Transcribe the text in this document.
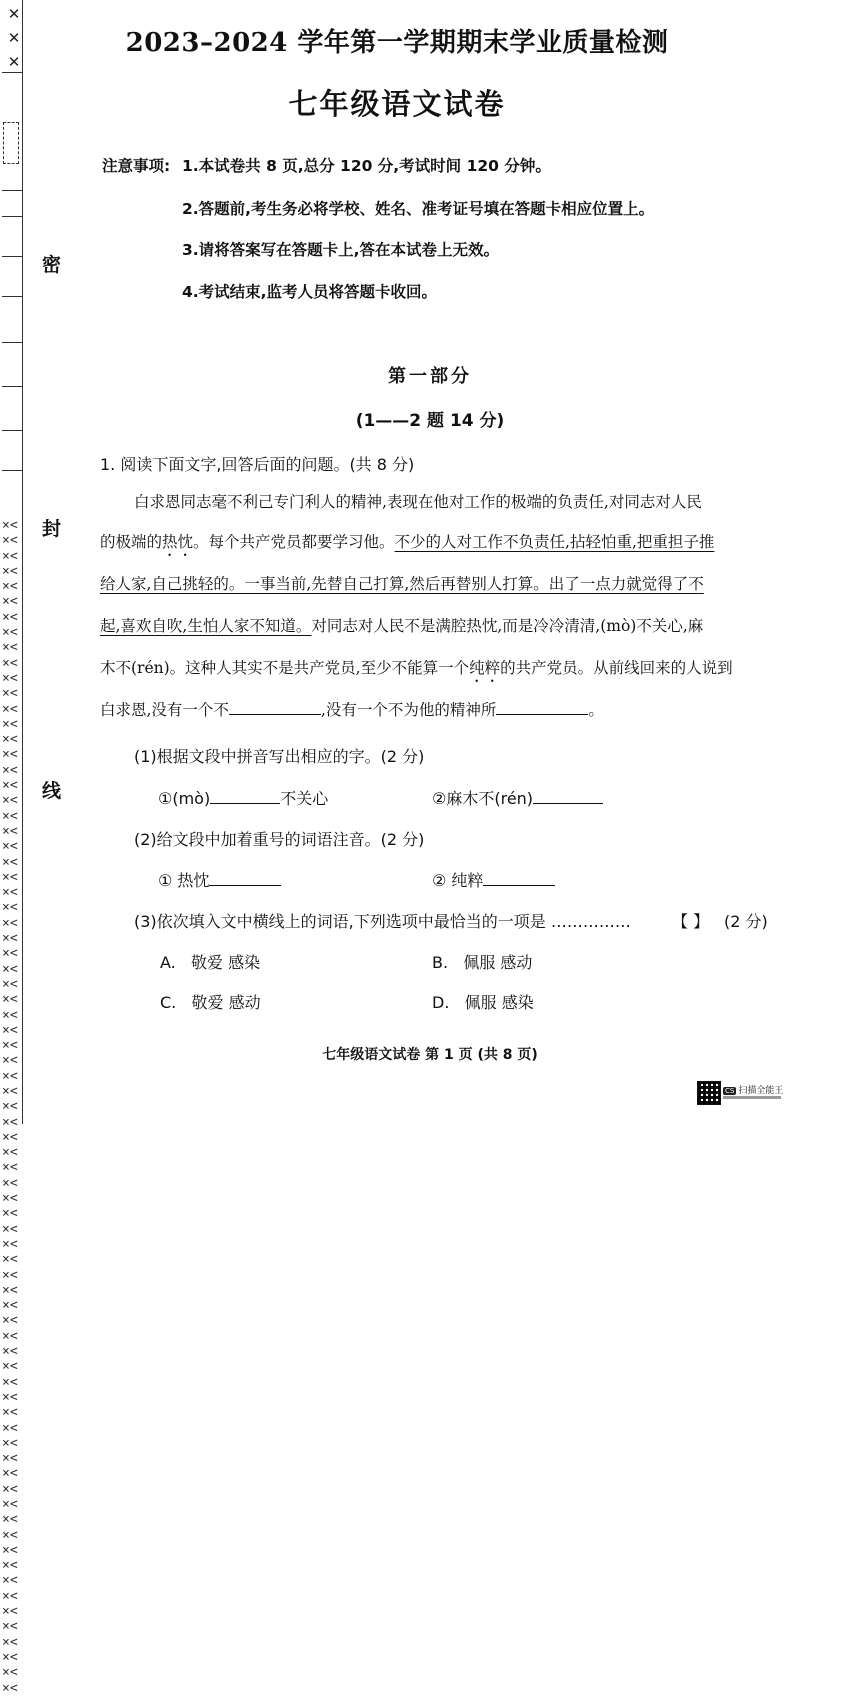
✕
✕
✕
×<×<×<×<×<×<×<×<×<×<×<×<×<×<×<×<×<×<×<×<×<×<×<×<×<×<×<×<×<×<×<×<×<×<×<×<×<×<×<×<×<×<×<×<×<×<×<×<×<×<×<×<×<×<×<×<×<×<×<×<×<×<×<×<×<×<×<×<×<×<×<×<×<×<×<×<×<
密
封
线
2023–2024 学年第一学期期末学业质量检测
七年级语文试卷
注意事项: 1.本试卷共 8 页,总分 120 分,考试时间 120 分钟。
2.答题前,考生务必将学校、姓名、准考证号填在答题卡相应位置上。
3.请将答案写在答题卡上,答在本试卷上无效。
4.考试结束,监考人员将答题卡收回。
第一部分
(1——2 题 14 分)
1. 阅读下面文字,回答后面的问题。(共 8 分)
白求恩同志毫不利己专门利人的精神,表现在他对工作的极端的负责任,对同志对人民
的极端的热忱。每个共产党员都要学习他。不少的人对工作不负责任,拈轻怕重,把重担子推
给人家,自己挑轻的。一事当前,先替自己打算,然后再替别人打算。出了一点力就觉得了不
起,喜欢自吹,生怕人家不知道。对同志对人民不是满腔热忱,而是冷冷清清,(mò)不关心,麻
木不(rén)。这种人其实不是共产党员,至少不能算一个纯粹的共产党员。从前线回来的人说到
白求恩,没有一个不	,没有一个不为他的精神所	。
(1)根据文段中拼音写出相应的字。(2 分)
①(mò)	不关心	②麻木不(rén)
(2)给文段中加着重号的词语注音。(2 分)
① 热忱	② 纯粹
(3)依次填入文中横线上的词语,下列选项中最恰当的一项是 ……………	【 】 (2 分)
A. 敬爱 感染	B. 佩服 感动
C. 敬爱 感动	D. 佩服 感染
七年级语文试卷 第 1 页 (共 8 页)
CS 扫描全能王
